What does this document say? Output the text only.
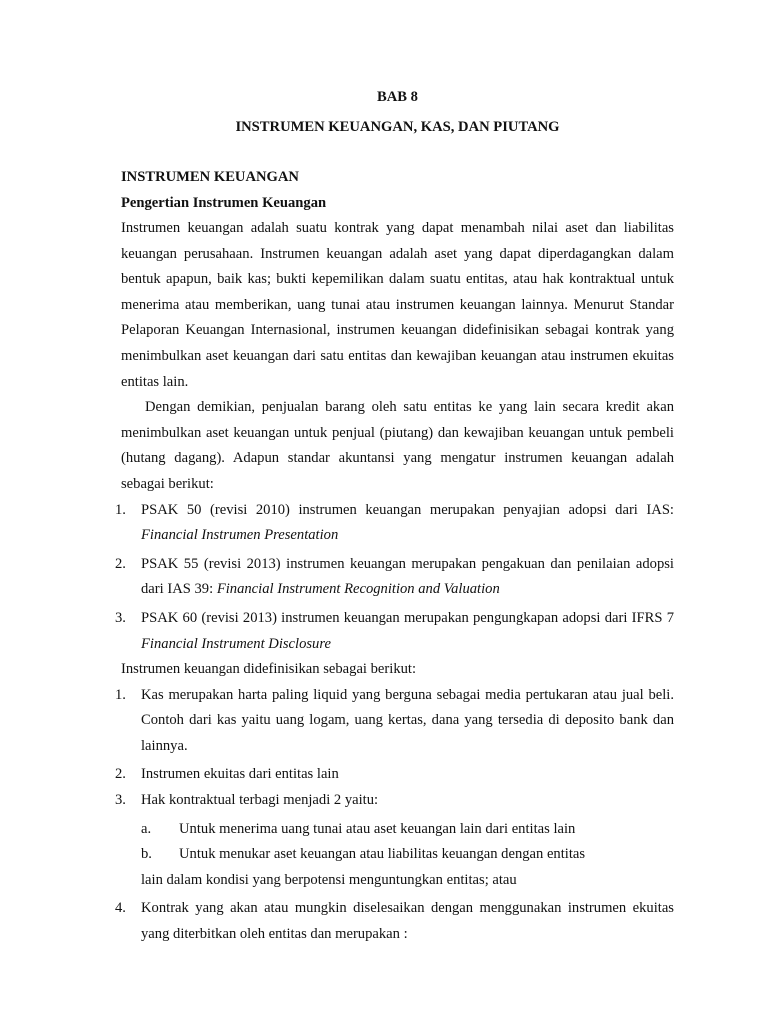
BAB 8
INSTRUMEN KEUANGAN, KAS, DAN PIUTANG
INSTRUMEN KEUANGAN
Pengertian Instrumen Keuangan

Instrumen keuangan adalah suatu kontrak yang dapat menambah nilai aset dan liabilitas keuangan perusahaan. Instrumen keuangan adalah aset yang dapat diperdagangkan dalam bentuk apapun, baik kas; bukti kepemilikan dalam suatu entitas, atau hak kontraktual untuk menerima atau memberikan, uang tunai atau instrumen keuangan lainnya. Menurut Standar Pelaporan Keuangan Internasional, instrumen keuangan didefinisikan sebagai kontrak yang menimbulkan aset keuangan dari satu entitas dan kewajiban keuangan atau instrumen ekuitas entitas lain.

Dengan demikian, penjualan barang oleh satu entitas ke yang lain secara kredit akan menimbulkan aset keuangan untuk penjual (piutang) dan kewajiban keuangan untuk pembeli (hutang dagang). Adapun standar akuntansi yang mengatur instrumen keuangan adalah sebagai berikut:

1. PSAK 50 (revisi 2010) instrumen keuangan merupakan penyajian adopsi dari IAS: Financial Instrumen Presentation
2. PSAK 55 (revisi 2013) instrumen keuangan merupakan pengakuan dan penilaian adopsi dari IAS 39: Financial Instrument Recognition and Valuation
3. PSAK 60 (revisi 2013) instrumen keuangan merupakan pengungkapan adopsi dari IFRS 7 Financial Instrument Disclosure

Instrumen keuangan didefinisikan sebagai berikut:

1. Kas merupakan harta paling liquid yang berguna sebagai media pertukaran atau jual beli. Contoh dari kas yaitu uang logam, uang kertas, dana yang tersedia di deposito bank dan lainnya.
2. Instrumen ekuitas dari entitas lain
3. Hak kontraktual terbagi menjadi 2 yaitu:
a. Untuk menerima uang tunai atau aset keuangan lain dari entitas lain
b. Untuk menukar aset keuangan atau liabilitas keuangan dengan entitas
lain dalam kondisi yang berpotensi menguntungkan entitas; atau
4. Kontrak yang akan atau mungkin diselesaikan dengan menggunakan instrumen ekuitas yang diterbitkan oleh entitas dan merupakan :
